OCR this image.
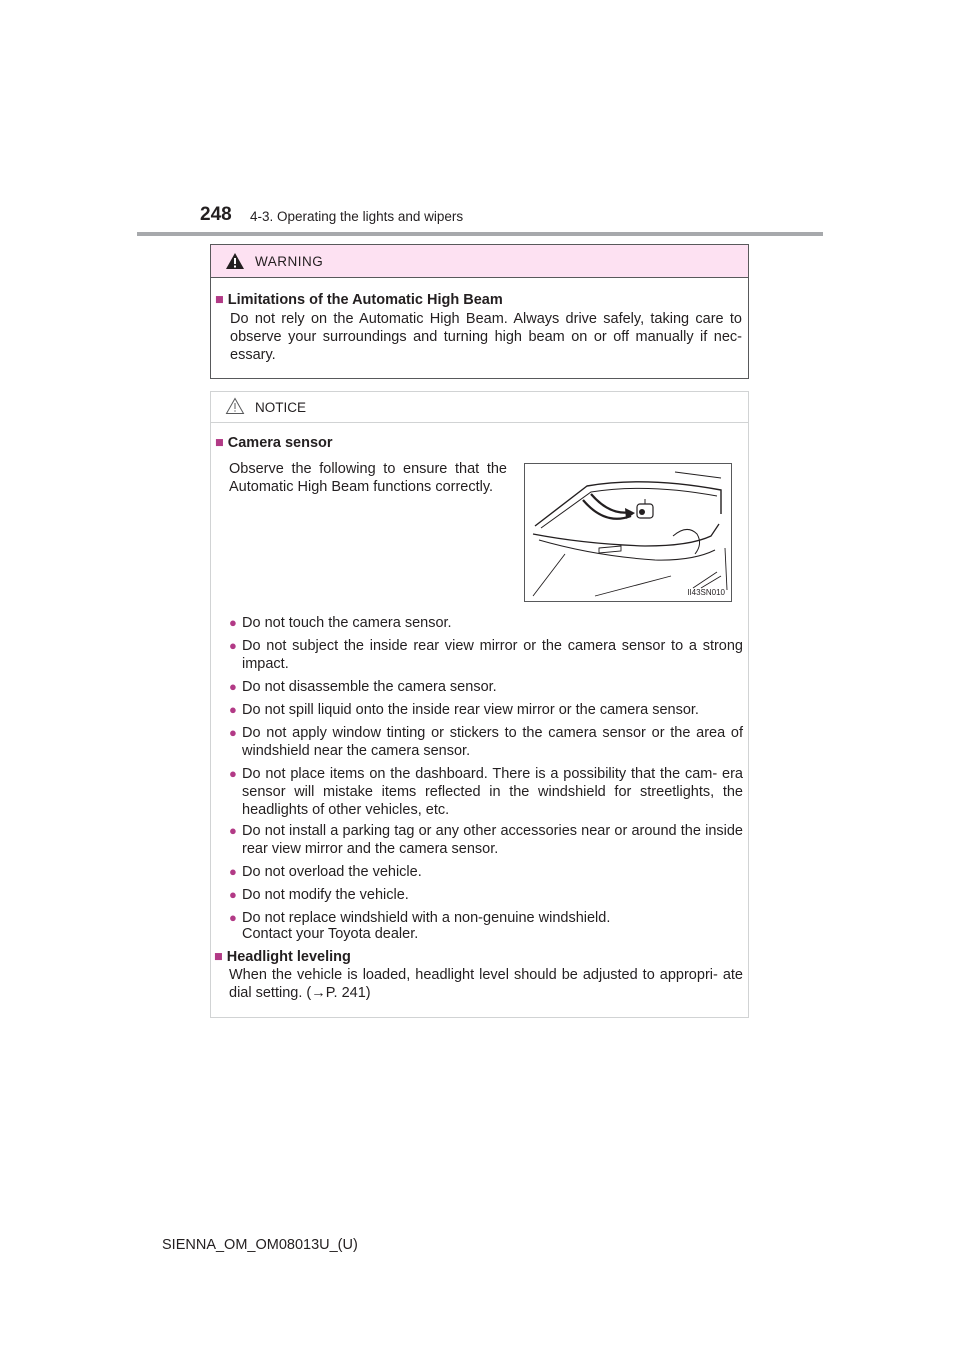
248 4-3. Operating the lights and wipers
WARNING
■ Limitations of the Automatic High Beam
Do not rely on the Automatic High Beam. Always drive safely, taking care to observe your surroundings and turning high beam on or off manually if nec- essary.
NOTICE
■ Camera sensor
Observe the following to ensure that the Automatic High Beam functions correctly.
II43SN010
● Do not touch the camera sensor.
● Do not subject the inside rear view mirror or the camera sensor to a strong impact.
● Do not disassemble the camera sensor.
● Do not spill liquid onto the inside rear view mirror or the camera sensor.
● Do not apply window tinting or stickers to the camera sensor or the area of windshield near the camera sensor.
● Do not place items on the dashboard. There is a possibility that the cam- era sensor will mistake items reflected in the windshield for streetlights, the headlights of other vehicles, etc.
● Do not install a parking tag or any other accessories near or around the inside rear view mirror and the camera sensor.
● Do not overload the vehicle.
● Do not modify the vehicle.
● Do not replace windshield with a non-genuine windshield.
Contact your Toyota dealer.
■ Headlight leveling
When the vehicle is loaded, headlight level should be adjusted to appropri- ate dial setting. (→P. 241)
SIENNA_OM_OM08013U_(U)
